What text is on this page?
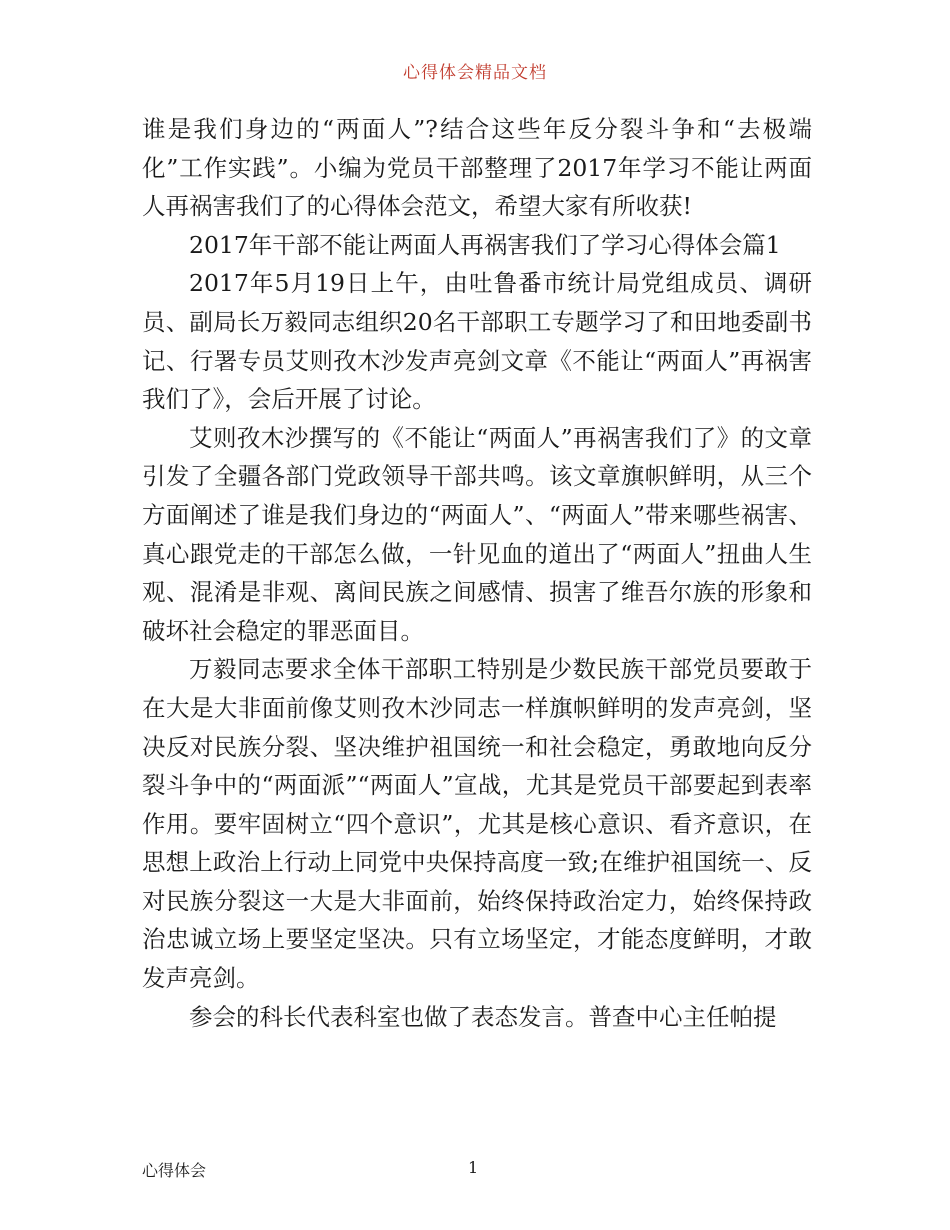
心得体会精品文档

谁是我们身边的“两面人”?结合这些年反分裂斗争和“去极端化”工作实践”。小编为党员干部整理了2017年学习不能让两面人再祸害我们了的心得体会范文，希望大家有所收获!

2017年干部不能让两面人再祸害我们了学习心得体会篇1

2017年5月19日上午，由吐鲁番市统计局党组成员、调研员、副局长万毅同志组织20名干部职工专题学习了和田地委副书记、行署专员艾则孜木沙发声亮剑文章《不能让“两面人”再祸害我们了》，会后开展了讨论。

艾则孜木沙撰写的《不能让“两面人”再祸害我们了》的文章引发了全疆各部门党政领导干部共鸣。该文章旗帜鲜明，从三个方面阐述了谁是我们身边的“两面人”、“两面人”带来哪些祸害、真心跟党走的干部怎么做，一针见血的道出了“两面人”扭曲人生观、混淆是非观、离间民族之间感情、损害了维吾尔族的形象和破坏社会稳定的罪恶面目。

万毅同志要求全体干部职工特别是少数民族干部党员要敢于在大是大非面前像艾则孜木沙同志一样旗帜鲜明的发声亮剑，坚决反对民族分裂、坚决维护祖国统一和社会稳定，勇敢地向反分裂斗争中的“两面派”“两面人”宣战，尤其是党员干部要起到表率作用。要牢固树立“四个意识”，尤其是核心意识、看齐意识，在思想上政治上行动上同党中央保持高度一致;在维护祖国统一、反对民族分裂这一大是大非面前，始终保持政治定力，始终保持政治忠诚立场上要坚定坚决。只有立场坚定，才能态度鲜明，才敢发声亮剑。

参会的科长代表科室也做了表态发言。普查中心主任帕提

心得体会	1
